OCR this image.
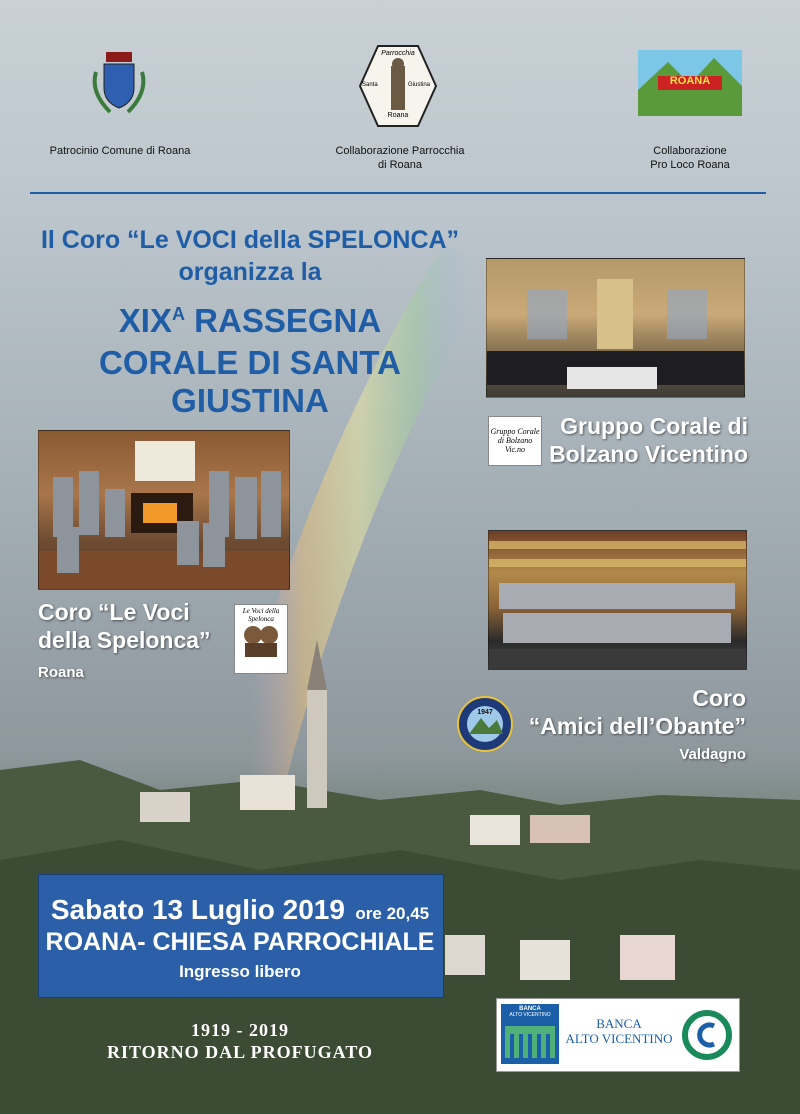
Patrocinio Comune di Roana
Parrocchia
Roana
Santa	Giustina
Collaborazione Parrocchia
di Roana
ROANA
Collaborazione
Pro Loco Roana
Il Coro “Le VOCI della SPELONCA”
organizza la
$XIX^A$ RASSEGNA
CORALE DI SANTA GIUSTINA
Gruppo Corale di Bolzano Vic.no
Gruppo Corale di
Bolzano Vicentino
Coro “Le Voci
della Spelonca”
Roana
Le Voci della Spelonca
1947
Coro
“Amici dell’Obante”
Valdagno
Sabato 13 Luglio 2019 ore 20,45
ROANA- CHIESA PARROCHIALE
Ingresso libero
1919 - 2019
RITORNO DAL PROFUGATO
BANCA
ALTO VICENTINO
BANCA
ALTO VICENTINO
